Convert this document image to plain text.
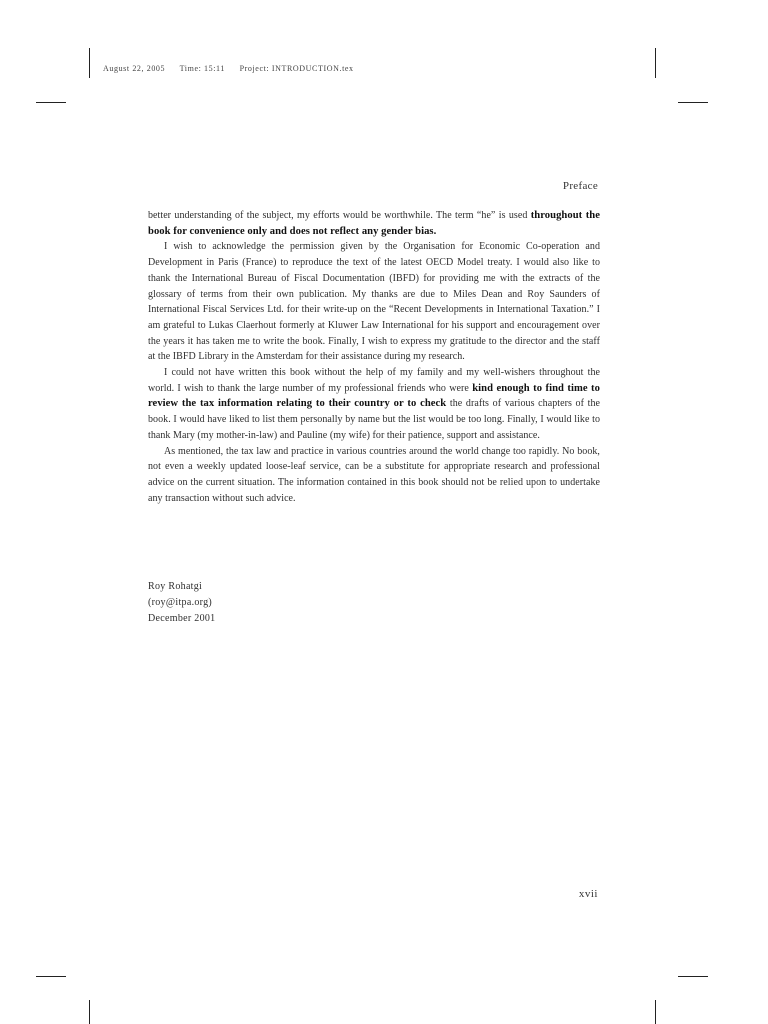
August 22, 2005 Time: 15:11 Project: INTRODUCTION.tex
Preface

better understanding of the subject, my efforts would be worthwhile. The term “he” is used throughout the book for convenience only and does not reflect any gender bias.

I wish to acknowledge the permission given by the Organisation for Economic Co-operation and Development in Paris (France) to reproduce the text of the latest OECD Model treaty. I would also like to thank the International Bureau of Fiscal Documentation (IBFD) for providing me with the extracts of the glossary of terms from their own publication. My thanks are due to Miles Dean and Roy Saunders of International Fiscal Services Ltd. for their write-up on the “Recent Developments in International Taxation.” I am grateful to Lukas Claerhout formerly at Kluwer Law International for his support and encouragement over the years it has taken me to write the book. Finally, I wish to express my gratitude to the director and the staff at the IBFD Library in the Amsterdam for their assistance during my research.

I could not have written this book without the help of my family and my well-wishers throughout the world. I wish to thank the large number of my professional friends who were kind enough to find time to review the tax information relating to their country or to check the drafts of various chapters of the book. I would have liked to list them personally by name but the list would be too long. Finally, I would like to thank Mary (my mother-in-law) and Pauline (my wife) for their patience, support and assistance.

As mentioned, the tax law and practice in various countries around the world change too rapidly. No book, not even a weekly updated loose-leaf service, can be a substitute for appropriate research and professional advice on the current situation. The information contained in this book should not be relied upon to undertake any transaction without such advice.

Roy Rohatgi
(roy@itpa.org)
December 2001
xvii
